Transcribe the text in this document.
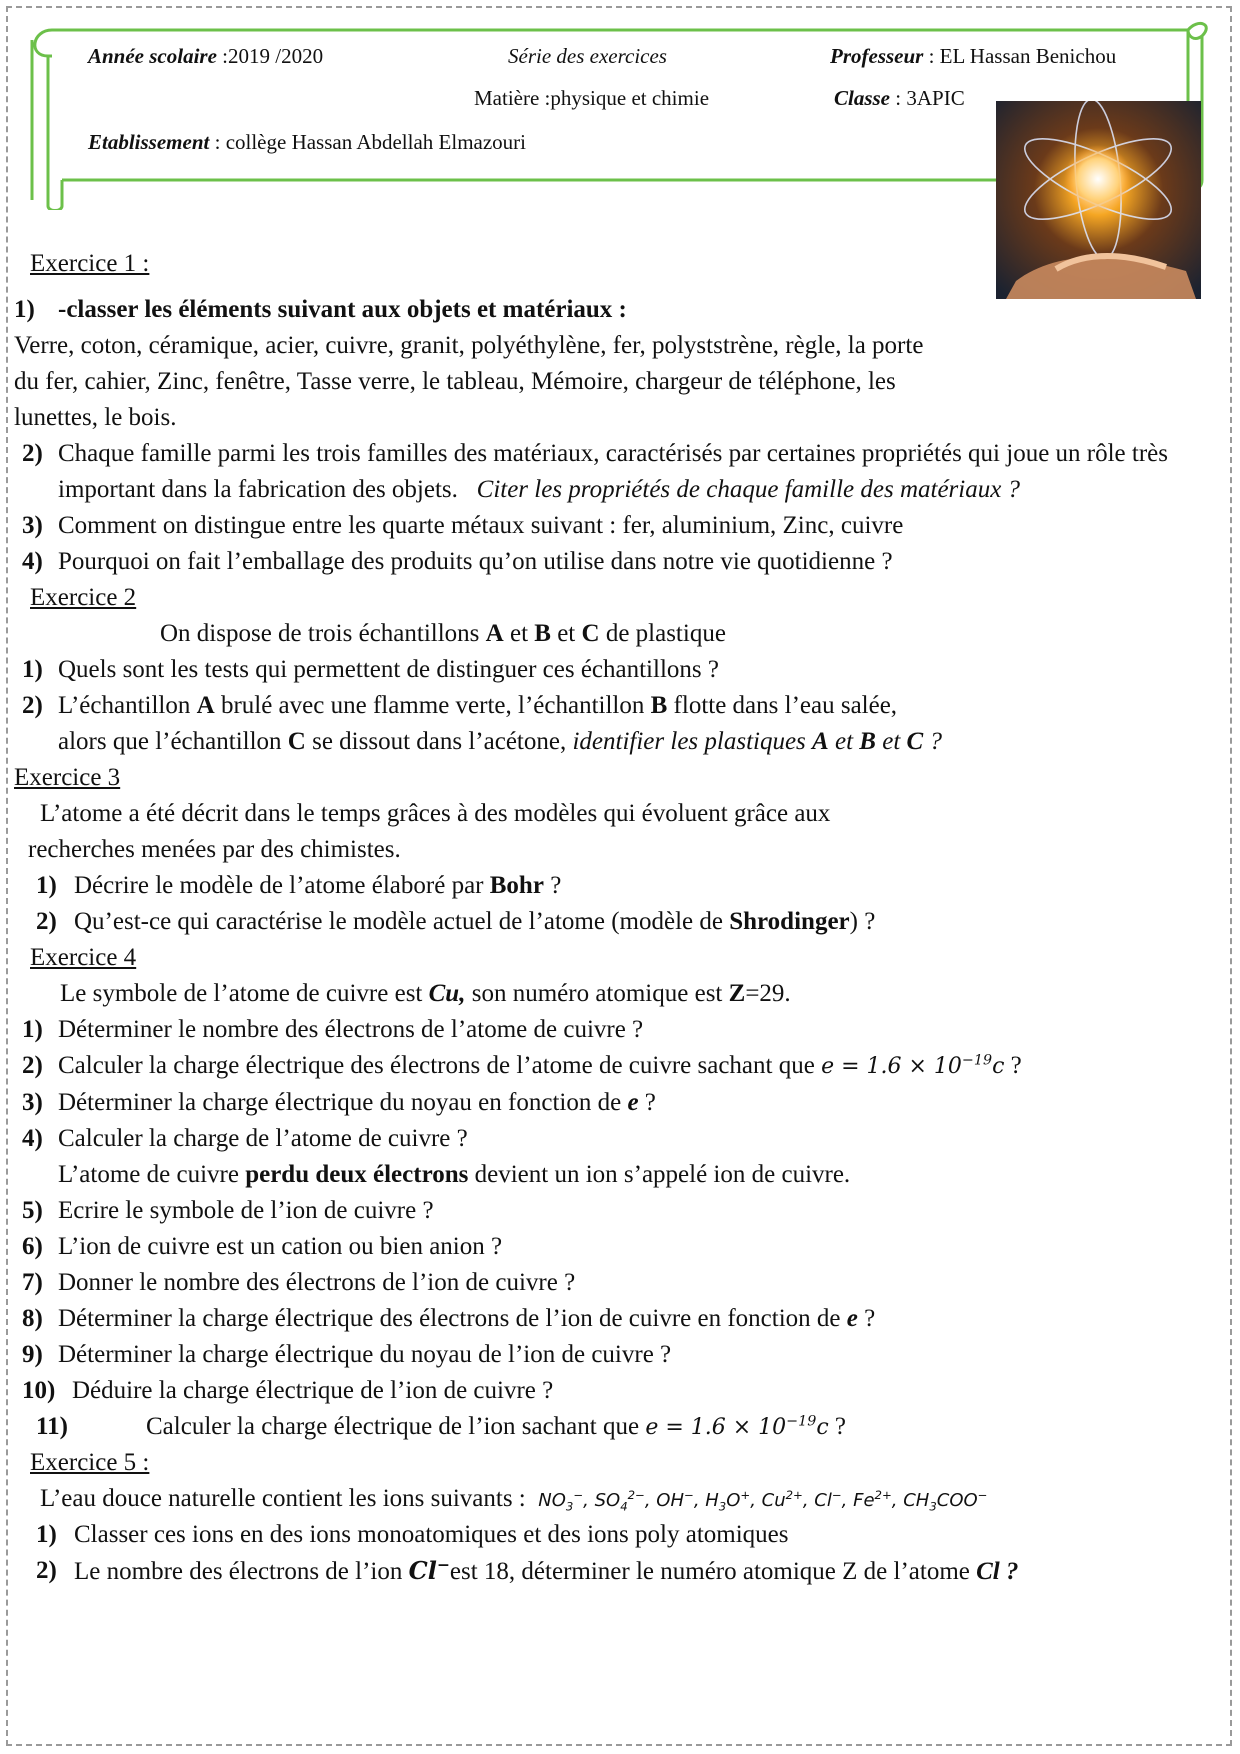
Année scolaire :2019 /2020	Série des exercices	Professeur : EL Hassan Benichou
Matière :physique et chimie	Classe : 3APIC
Etablissement : collège Hassan Abdellah Elmazouri
Exercice 1 :
1) -classer les éléments suivant aux objets et matériaux :
Verre, coton, céramique, acier, cuivre, granit, polyéthylène, fer, polyststrène, règle, la porte
du fer, cahier, Zinc, fenêtre, Tasse verre, le tableau, Mémoire, chargeur de téléphone, les
lunettes, le bois.
2) Chaque famille parmi les trois familles des matériaux, caractérisés par certaines propriétés qui joue un rôle très important dans la fabrication des objets. Citer les propriétés de chaque famille des matériaux ?
3) Comment on distingue entre les quarte métaux suivant : fer, aluminium, Zinc, cuivre
4) Pourquoi on fait l’emballage des produits qu’on utilise dans notre vie quotidienne ?
Exercice 2
On dispose de trois échantillons A et B et C de plastique
1) Quels sont les tests qui permettent de distinguer ces échantillons ?
2) L’échantillon A brulé avec une flamme verte, l’échantillon B flotte dans l’eau salée,
alors que l’échantillon C se dissout dans l’acétone, identifier les plastiques A et B et C ?
Exercice 3
L’atome a été décrit dans le temps grâces à des modèles qui évoluent grâce aux
recherches menées par des chimistes.
1) Décrire le modèle de l’atome élaboré par Bohr ?
2) Qu’est-ce qui caractérise le modèle actuel de l’atome (modèle de Shrodinger) ?
Exercice 4
Le symbole de l’atome de cuivre est Cu, son numéro atomique est Z=29.
1) Déterminer le nombre des électrons de l’atome de cuivre ?
2) Calculer la charge électrique des électrons de l’atome de cuivre sachant que $e = 1.6 \times 10^{-19}c$ ?
3) Déterminer la charge électrique du noyau en fonction de e ?
4) Calculer la charge de l’atome de cuivre ?
L’atome de cuivre perdu deux électrons devient un ion s’appelé ion de cuivre.
5) Ecrire le symbole de l’ion de cuivre ?
6) L’ion de cuivre est un cation ou bien anion ?
7) Donner le nombre des électrons de l’ion de cuivre ?
8) Déterminer la charge électrique des électrons de l’ion de cuivre en fonction de e ?
9) Déterminer la charge électrique du noyau de l’ion de cuivre ?
10) Déduire la charge électrique de l’ion de cuivre ?
11)	Calculer la charge électrique de l’ion sachant que $e = 1.6 \times 10^{-19}c$ ?
Exercice 5 :
L’eau douce naturelle contient les ions suivants : $NO_3^-$, $SO_4^{2-}$, OH−, $H_3O^+$, $Cu^{2+}$, Cl−, $Fe^{2+}$, $CH_3COO^-$
1) Classer ces ions en des ions monoatomiques et des ions poly atomiques
2) Le nombre des électrons de l’ion Cl−est 18, déterminer le numéro atomique Z de l’atome Cl ?
